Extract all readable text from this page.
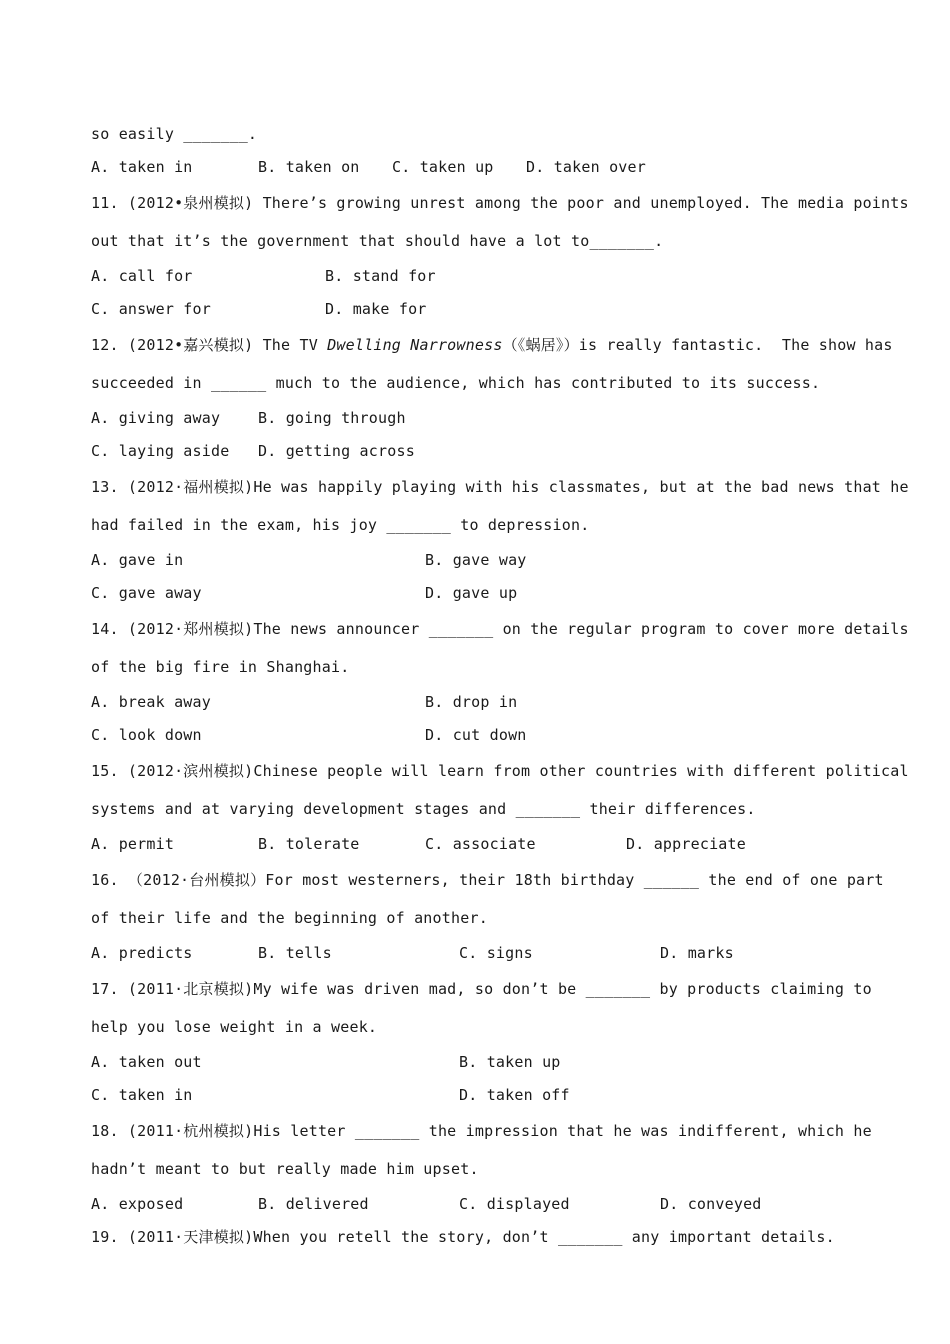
so easily _______.
A. taken in	B. taken on C. taken up D. taken over
11. (2012•泉州模拟) There’s growing unrest among the poor and unemployed. The media points
out that it’s the government that should have a lot to_______.
A. call for	B. stand for
C. answer for	D. make for
12. (2012•嘉兴模拟) The TV Dwelling Narrowness（《蜗居》）is really fantastic.  The show has
succeeded in ______ much to the audience, which has contributed to its success.
A. giving away	B. going through
C. laying aside D. getting across
13. (2012·福州模拟)He was happily playing with his classmates, but at the bad news that he
had failed in the exam, his joy _______ to depression.
A. gave in	B. gave way
C. gave away	D. gave up
14. (2012·郑州模拟)The news announcer _______ on the regular program to cover more details
of the big fire in Shanghai.
A. break away	B. drop in
C. look down	D. cut down
15. (2012·滨州模拟)Chinese people will learn from other countries with different political
systems and at varying development stages and _______ their differences.
A. permit	B. tolerate	C. associate	D. appreciate
16. （2012·台州模拟）For most westerners, their 18th birthday ______ the end of one part
of their life and the beginning of another.
A. predicts	B. tells	C. signs	D. marks
17. (2011·北京模拟)My wife was driven mad, so don’t be _______ by products claiming to
help you lose weight in a week.
A. taken out	B. taken up
C. taken in	D. taken off
18. (2011·杭州模拟)His letter _______ the impression that he was indifferent, which he
hadn’t meant to but really made him upset.
A. exposed	B. delivered	C. displayed	D. conveyed
19. (2011·天津模拟)When you retell the story, don’t _______ any important details.
